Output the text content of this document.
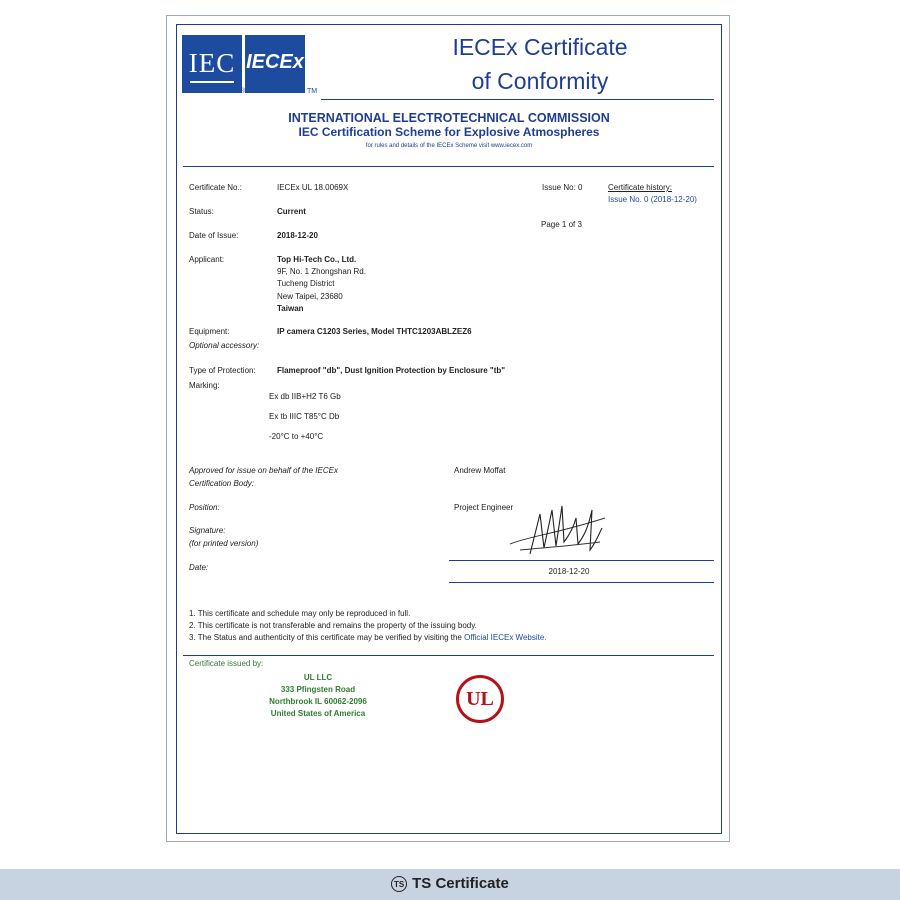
IEC
®
IECEx
TM
IECEx Certificate
of Conformity
INTERNATIONAL ELECTROTECHNICAL COMMISSION
IEC Certification Scheme for Explosive Atmospheres
for rules and details of the IECEx Scheme visit www.iecex.com
Certificate No.:	IECEx UL 18.0069X	Issue No: 0	Certificate history:
Issue No. 0 (2018-12-20)
Status:	Current
Page 1 of 3
Date of Issue:	2018-12-20
Applicant:	Top Hi-Tech Co., Ltd.
9F, No. 1 Zhongshan Rd.
Tucheng District
New Taipei, 23680
Taiwan
Equipment:	IP camera C1203 Series, Model THTC1203ABLZEZ6
Optional accessory:
Type of Protection:	Flameproof "db", Dust Ignition Protection by Enclosure "tb"
Marking:
Ex db IIB+H2 T6 Gb
Ex tb IIIC T85°C Db
-20°C to +40°C
Approved for issue on behalf of the IECEx
Certification Body:
Andrew Moffat
Position:	Project Engineer
Signature:
(for printed version)
Date:	2018-12-20
1. This certificate and schedule may only be reproduced in full.
2. This certificate is not transferable and remains the property of the issuing body.
3. The Status and authenticity of this certificate may be verified by visiting the Official IECEx Website.
Certificate issued by:
UL LLC
333 Pfingsten Road
Northbrook IL 60062-2096
United States of America
UL
TS TS Certificate
